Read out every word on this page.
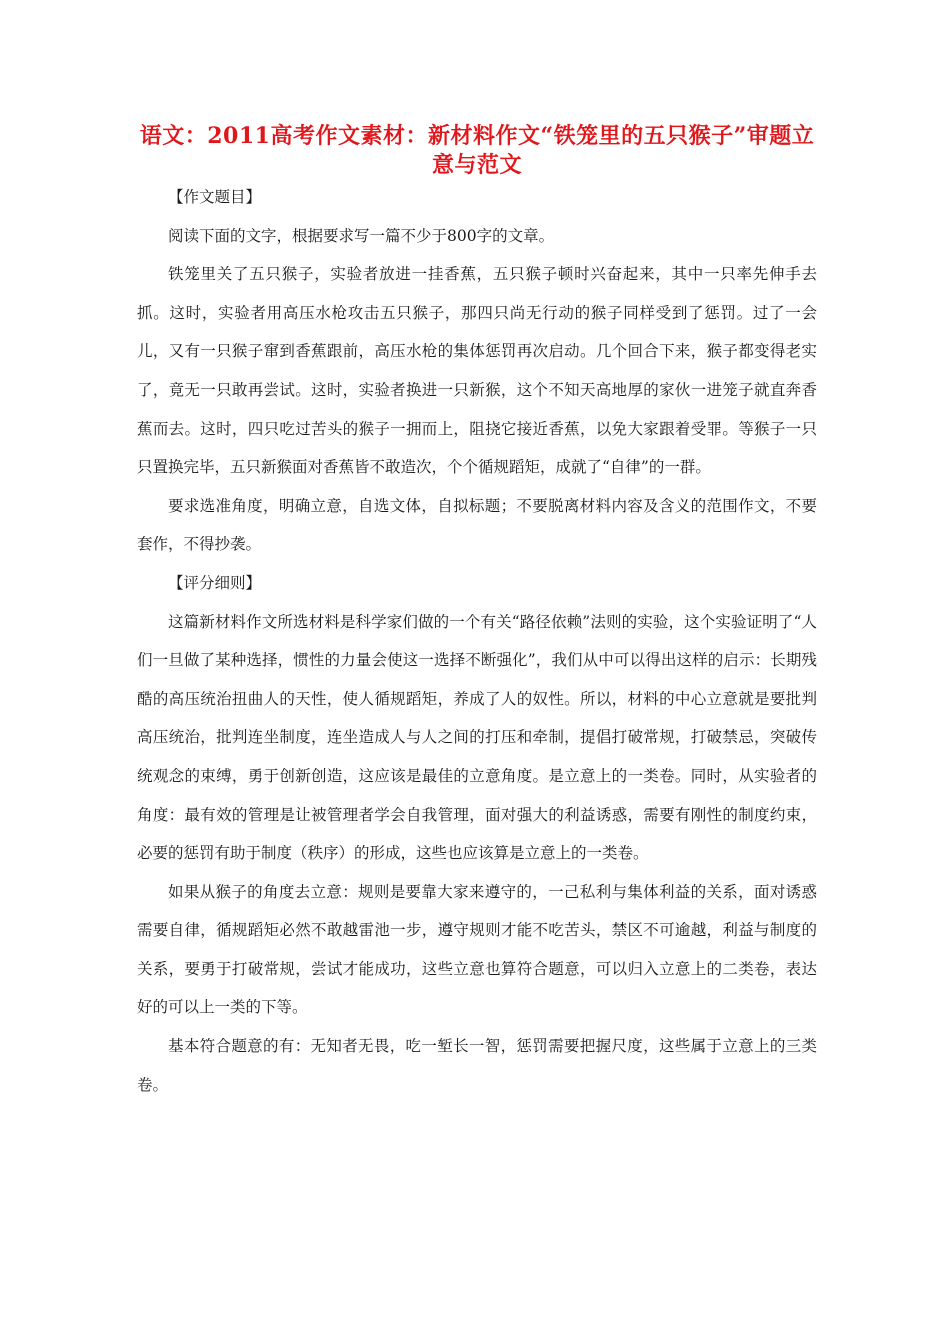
语文：2011高考作文素材：新材料作文“铁笼里的五只猴子”审题立意与范文

【作文题目】

阅读下面的文字，根据要求写一篇不少于800字的文章。

铁笼里关了五只猴子，实验者放进一挂香蕉，五只猴子顿时兴奋起来，其中一只率先伸手去抓。这时，实验者用高压水枪攻击五只猴子，那四只尚无行动的猴子同样受到了惩罚。过了一会儿，又有一只猴子窜到香蕉跟前，高压水枪的集体惩罚再次启动。几个回合下来，猴子都变得老实了，竟无一只敢再尝试。这时，实验者换进一只新猴，这个不知天高地厚的家伙一进笼子就直奔香蕉而去。这时，四只吃过苦头的猴子一拥而上，阻挠它接近香蕉，以免大家跟着受罪。等猴子一只只置换完毕，五只新猴面对香蕉皆不敢造次，个个循规蹈矩，成就了“自律”的一群。

要求选准角度，明确立意，自选文体，自拟标题；不要脱离材料内容及含义的范围作文，不要套作，不得抄袭。

【评分细则】

这篇新材料作文所选材料是科学家们做的一个有关“路径依赖”法则的实验，这个实验证明了“人们一旦做了某种选择，惯性的力量会使这一选择不断强化”，我们从中可以得出这样的启示：长期残酷的高压统治扭曲人的天性，使人循规蹈矩，养成了人的奴性。所以，材料的中心立意就是要批判高压统治，批判连坐制度，连坐造成人与人之间的打压和牵制，提倡打破常规，打破禁忌，突破传统观念的束缚，勇于创新创造，这应该是最佳的立意角度。是立意上的一类卷。同时，从实验者的角度：最有效的管理是让被管理者学会自我管理，面对强大的利益诱惑，需要有刚性的制度约束，必要的惩罚有助于制度（秩序）的形成，这些也应该算是立意上的一类卷。

如果从猴子的角度去立意：规则是要靠大家来遵守的，一己私利与集体利益的关系，面对诱惑需要自律，循规蹈矩必然不敢越雷池一步，遵守规则才能不吃苦头，禁区不可逾越，利益与制度的关系，要勇于打破常规，尝试才能成功，这些立意也算符合题意，可以归入立意上的二类卷，表达好的可以上一类的下等。

基本符合题意的有：无知者无畏，吃一堑长一智，惩罚需要把握尺度，这些属于立意上的三类卷。
